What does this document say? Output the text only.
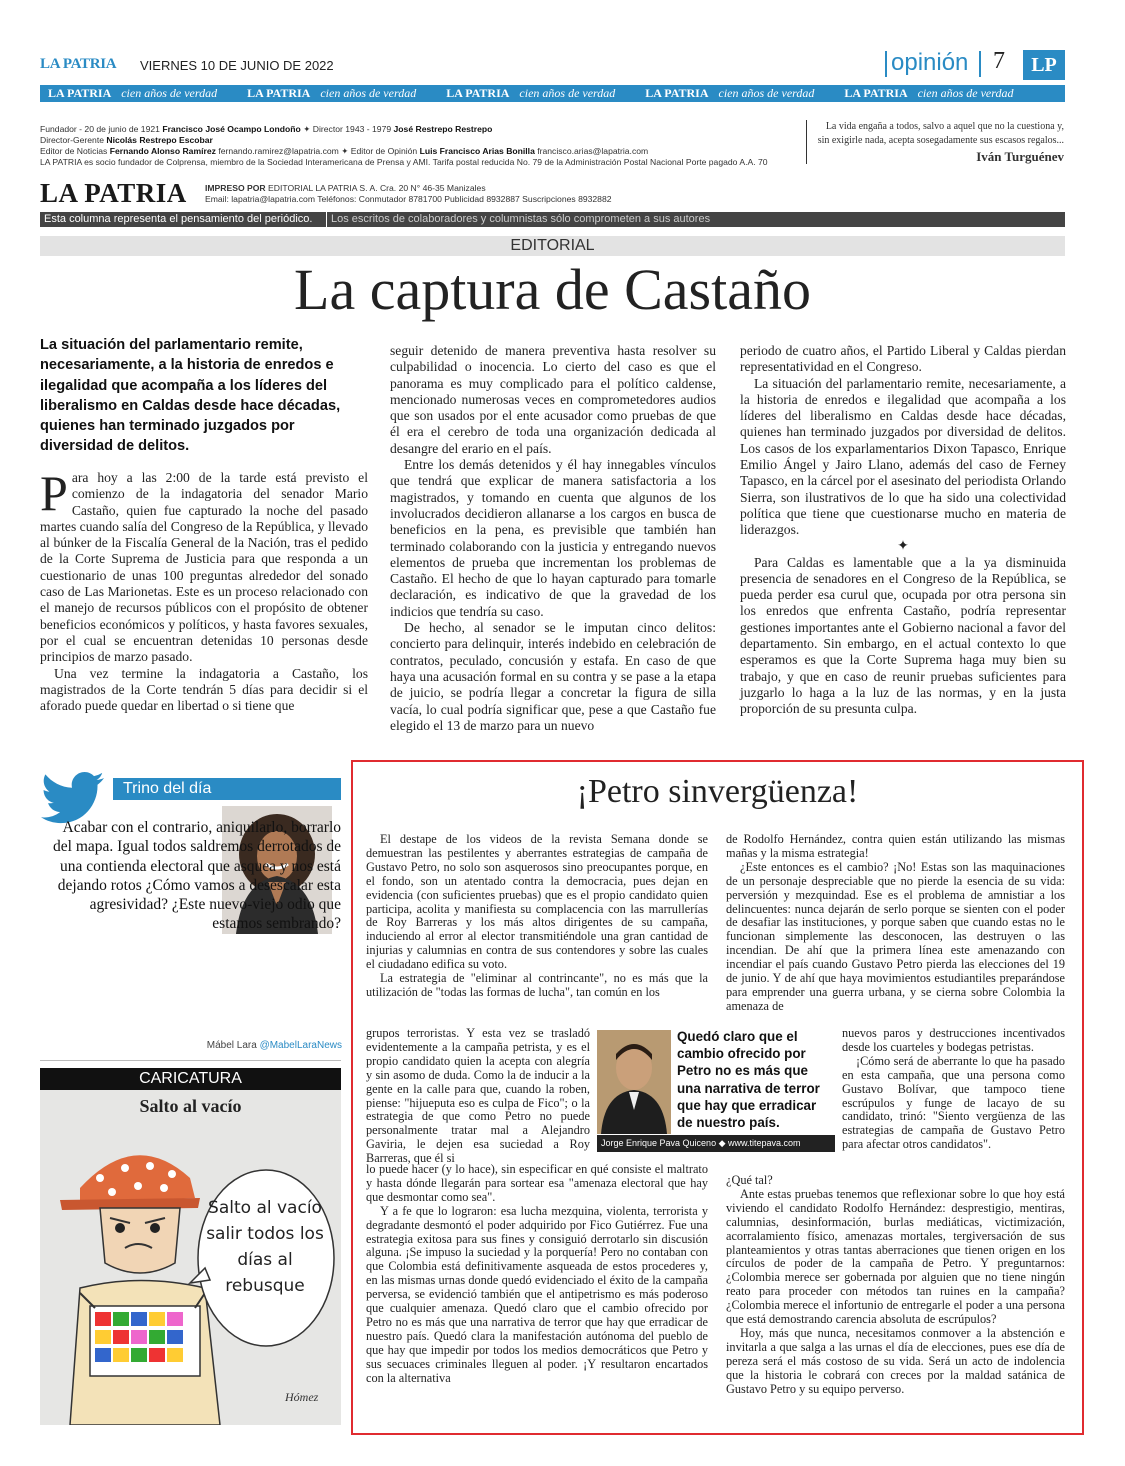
LA PATRIA VIERNES 10 DE JUNIO DE 2022	opinión 7	LP
LA PATRIA cien años de verdad	LA PATRIA cien años de verdad	LA PATRIA cien años de verdad	LA PATRIA cien años de verdad	LA PATRIA cien años de verdad
Fundador - 20 de junio de 1921 Francisco José Ocampo Londoño ✦ Director 1943 - 1979 José Restrepo Restrepo
Director-Gerente Nicolás Restrepo Escobar
Editor de Noticias Fernando Alonso Ramírez fernando.ramirez@lapatria.com ✦ Editor de Opinión Luis Francisco Arias Bonilla francisco.arias@lapatria.com
LA PATRIA es socio fundador de Colprensa, miembro de la Sociedad Interamericana de Prensa y AMI. Tarifa postal reducida No. 79 de la Administración Postal Nacional Porte pagado A.A. 70
LA PATRIA IMPRESO POR EDITORIAL LA PATRIA S. A. Cra. 20 N° 46-35 Manizales
Email: lapatria@lapatria.com Teléfonos: Conmutador 8781700 Publicidad 8932887 Suscripciones 8932882
La vida engaña a todos, salvo a aquel que no la cuestiona y, sin exigirle nada, acepta sosegadamente sus escasos regalos...
Iván Turguénev
Esta columna representa el pensamiento del periódico.	Los escritos de colaboradores y columnistas sólo comprometen a sus autores
EDITORIAL
La captura de Castaño
La situación del parlamentario remite, necesariamente, a la historia de enredos e ilegalidad que acompaña a los líderes del liberalismo en Caldas desde hace décadas, quienes han terminado juzgados por diversidad de delitos.

Para hoy a las 2:00 de la tarde está previsto el comienzo de la indagatoria del senador Mario Castaño, quien fue capturado la noche del pasado martes cuando salía del Congreso de la República, y llevado al búnker de la Fiscalía General de la Nación, tras el pedido de la Corte Suprema de Justicia para que responda a un cuestionario de unas 100 preguntas alrededor del sonado caso de Las Marionetas. Este es un proceso relacionado con el manejo de recursos públicos con el propósito de obtener beneficios económicos y políticos, y hasta favores sexuales, por el cual se encuentran detenidas 10 personas desde principios de marzo pasado.

Una vez termine la indagatoria a Castaño, los magistrados de la Corte tendrán 5 días para decidir si el aforado puede quedar en libertad o si tiene que

seguir detenido de manera preventiva hasta resolver su culpabilidad o inocencia. Lo cierto del caso es que el panorama es muy complicado para el político caldense, mencionado numerosas veces en comprometedores audios que son usados por el ente acusador como pruebas de que él era el cerebro de toda una organización dedicada al desangre del erario en el país.

Entre los demás detenidos y él hay innegables vínculos que tendrá que explicar de manera satisfactoria a los magistrados, y tomando en cuenta que algunos de los involucrados decidieron allanarse a los cargos en busca de beneficios en la pena, es previsible que también han terminado colaborando con la justicia y entregando nuevos elementos de prueba que incrementan los problemas de Castaño. El hecho de que lo hayan capturado para tomarle declaración, es indicativo de que la gravedad de los indicios que tendría su caso.

De hecho, al senador se le imputan cinco delitos: concierto para delinquir, interés indebido en celebración de contratos, peculado, concusión y estafa. En caso de que haya una acusación formal en su contra y se pase a la etapa de juicio, se podría llegar a concretar la figura de silla vacía, lo cual podría significar que, pese a que Castaño fue elegido el 13 de marzo para un nuevo

periodo de cuatro años, el Partido Liberal y Caldas pierdan representatividad en el Congreso.

La situación del parlamentario remite, necesariamente, a la historia de enredos e ilegalidad que acompaña a los líderes del liberalismo en Caldas desde hace décadas, quienes han terminado juzgados por diversidad de delitos. Los casos de los exparlamentarios Dixon Tapasco, Enrique Emilio Ángel y Jairo Llano, además del caso de Ferney Tapasco, en la cárcel por el asesinato del periodista Orlando Sierra, son ilustrativos de lo que ha sido una colectividad política que tiene que cuestionarse mucho en materia de liderazgos.

✦

Para Caldas es lamentable que a la ya disminuida presencia de senadores en el Congreso de la República, se pueda perder esa curul que, ocupada por otra persona sin los enredos que enfrenta Castaño, podría representar gestiones importantes ante el Gobierno nacional a favor del departamento. Sin embargo, en el actual contexto lo que esperamos es que la Corte Suprema haga muy bien su trabajo, y que en caso de reunir pruebas suficientes para juzgarlo lo haga a la luz de las normas, y en la justa proporción de su presunta culpa.

Trino del día
Acabar con el contrario, aniquilarlo, borrarlo del mapa. Igual todos saldremos derrotados de una contienda electoral que asquea y nos está dejando rotos ¿Cómo vamos a desescalar esta agresividad? ¿Este nuevo-viejo odio que estamos sembrando?
Mábel Lara @MabelLaraNews
CARICATURA
Salto al vacío
Salto al vacío salir todos los días al rebusque
Hómez
¡Petro sinvergüenza!

El destape de los videos de la revista Semana donde se demuestran las pestilentes y aberrantes estrategias de campaña de Gustavo Petro, no solo son asquerosos sino preocupantes porque, en el fondo, son un atentado contra la democracia, pues dejan en evidencia (con suficientes pruebas) que es el propio candidato quien participa, acolita y manifiesta su complacencia con las marrullerías de Roy Barreras y los más altos dirigentes de su campaña, induciendo al error al elector transmitiéndole una gran cantidad de injurias y calumnias en contra de sus contendores y sobre las cuales el ciudadano edifica su voto.

La estrategia de "eliminar al contrincante", no es más que la utilización de "todas las formas de lucha", tan común en los

grupos terroristas. Y esta vez se trasladó evidentemente a la campaña petrista, y es el propio candidato quien la acepta con alegría y sin asomo de duda. Como la de inducir a la gente en la calle para que, cuando la roben, piense: "hijueputa eso es culpa de Fico"; o la estrategia de que como Petro no puede personalmente tratar mal a Alejandro Gaviria, le dejen esa suciedad a Roy Barreras, que él si

lo puede hacer (y lo hace), sin especificar en qué consiste el maltrato y hasta dónde llegarán para sortear esa "amenaza electoral que hay que desmontar como sea".

Y a fe que lo lograron: esa lucha mezquina, violenta, terrorista y degradante desmontó el poder adquirido por Fico Gutiérrez. Fue una estrategia exitosa para sus fines y consiguió derrotarlo sin discusión alguna. ¡Se impuso la suciedad y la porquería! Pero no contaban con que Colombia está definitivamente asqueada de estos procederes y, en las mismas urnas donde quedó evidenciado el éxito de la campaña perversa, se evidenció también que el antipetrismo es más poderoso que cualquier amenaza. Quedó claro que el cambio ofrecido por Petro no es más que una narrativa de terror que hay que erradicar de nuestro país. Quedó clara la manifestación autónoma del pueblo de que hay que impedir por todos los medios democráticos que Petro y sus secuaces criminales lleguen al poder. ¡Y resultaron encartados con la alternativa

de Rodolfo Hernández, contra quien están utilizando las mismas mañas y la misma estrategia!

¿Este entonces es el cambio? ¡No! Estas son las maquinaciones de un personaje despreciable que no pierde la esencia de su vida: perversión y mezquindad. Ese es el problema de amnistiar a los delincuentes: nunca dejarán de serlo porque se sienten con el poder de desafiar las instituciones, y porque saben que cuando estas no le funcionan simplemente las desconocen, las destruyen o las incendian. De ahí que la primera línea este amenazando con incendiar el país cuando Gustavo Petro pierda las elecciones del 19 de junio. Y de ahí que haya movimientos estudiantiles preparándose para emprender una guerra urbana, y se cierna sobre Colombia la amenaza de

nuevos paros y destrucciones incentivados desde los cuarteles y bodegas petristas.

¡Cómo será de aberrante lo que ha pasado en esta campaña, que una persona como Gustavo Bolívar, que tampoco tiene escrúpulos y funge de lacayo de su candidato, trinó: "Siento vergüenza de las estrategias de campaña de Gustavo Petro para afectar otros candidatos".

¿Qué tal?

Ante estas pruebas tenemos que reflexionar sobre lo que hoy está viviendo el candidato Rodolfo Hernández: desprestigio, mentiras, calumnias, desinformación, burlas mediáticas, victimización, acorralamiento físico, amenazas mortales, tergiversación de sus planteamientos y otras tantas aberraciones que tienen origen en los círculos de poder de la campaña de Petro. Y preguntarnos: ¿Colombia merece ser gobernada por alguien que no tiene ningún reato para proceder con métodos tan ruines en la campaña? ¿Colombia merece el infortunio de entregarle el poder a una persona que está demostrando carencia absoluta de escrúpulos?

Hoy, más que nunca, necesitamos conmover a la abstención e invitarla a que salga a las urnas el día de elecciones, pues ese día de pereza será el más costoso de su vida. Será un acto de indolencia que la historia le cobrará con creces por la maldad satánica de Gustavo Petro y su equipo perverso.

Quedó claro que el cambio ofrecido por Petro no es más que una narrativa de terror que hay que erradicar de nuestro país.
Jorge Enrique Pava Quiceno ◆ www.titepava.com
